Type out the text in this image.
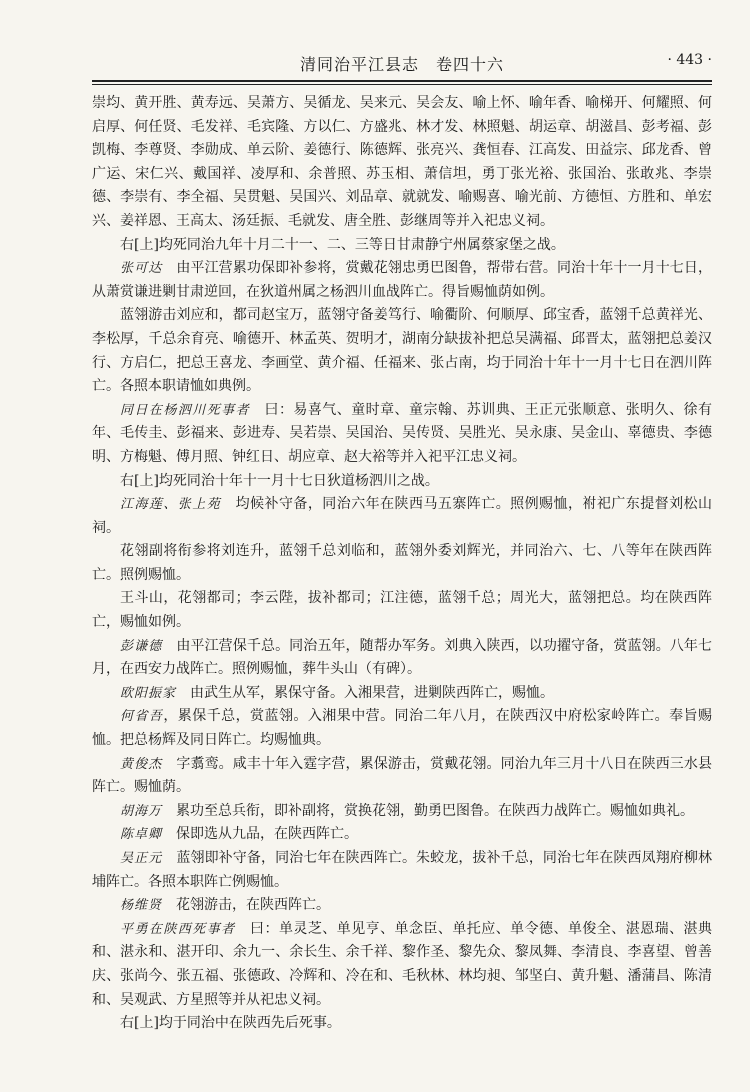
清同治平江县志　卷四十六	· 443 ·

崇均、黄开胜、黄寿远、吴萧方、吴循龙、吴来元、吴会友、喻上怀、喻年香、喻梯开、何耀照、何启厚、何任贤、毛发祥、毛宾隆、方以仁、方盛兆、林才发、林照魁、胡运章、胡滋昌、彭考福、彭凯梅、李尊贤、李勋成、单云阶、姜德行、陈德辉、张亮兴、龚恒春、江高发、田益宗、邱龙香、曾广运、宋仁兴、戴国祥、凌厚和、余普照、苏玉相、萧信坦，勇丁张光裕、张国治、张敢兆、李崇德、李崇有、李全福、吴贯魁、吴国兴、刘品章、就就发、喻赐喜、喻光前、方德恒、方胜和、单宏兴、姜祥恩、王高太、汤廷振、毛就发、唐全胜、彭继周等并入祀忠义祠。

右[上]均死同治九年十月二十一、二、三等日甘肃静宁州属蔡家堡之战。

张可达　由平江营累功保即补参将，赏戴花翎忠勇巴图鲁，帮带右营。同治十年十一月十七日，从萧赏谦进剿甘肃逆回，在狄道州属之杨泗川血战阵亡。得旨赐恤荫如例。

蓝翎游击刘应和，都司赵宝万，蓝翎守备姜笃行、喻衢阶、何顺厚、邱宝香，蓝翎千总黄祥光、李松厚，千总余育亮、喻德开、林孟英、贺明才，湖南分缺拔补把总吴满福、邱晋太，蓝翎把总姜汉行、方启仁，把总王喜龙、李画堂、黄介福、任福来、张占南，均于同治十年十一月十七日在泗川阵亡。各照本职请恤如典例。

同日在杨泗川死事者　曰：易喜气、童时章、童宗翰、苏训典、王正元张顺意、张明久、徐有年、毛传圭、彭福来、彭进寿、吴若崇、吴国治、吴传贤、吴胜光、吴永康、吴金山、辜德贵、李德明、方梅魁、傅月照、钟红日、胡应章、赵大裕等并入祀平江忠义祠。

右[上]均死同治十年十一月十七日狄道杨泗川之战。

江海莲、张上苑　均候补守备，同治六年在陕西马五寨阵亡。照例赐恤，祔祀广东提督刘松山祠。

花翎副将衔参将刘连升，蓝翎千总刘临和，蓝翎外委刘辉光，并同治六、七、八等年在陕西阵亡。照例赐恤。

王斗山，花翎都司；李云陛，拔补都司；江注德，蓝翎千总；周光大，蓝翎把总。均在陕西阵亡，赐恤如例。

彭谦德　由平江营保千总。同治五年，随帮办军务。刘典入陕西，以功擢守备，赏蓝翎。八年七月，在西安力战阵亡。照例赐恤，葬牛头山（有碑）。

欧阳振家　由武生从军，累保守备。入湘果营，进剿陕西阵亡，赐恤。

何省吾，累保千总，赏蓝翎。入湘果中营。同治二年八月，在陕西汉中府松家岭阵亡。奉旨赐恤。把总杨辉及同日阵亡。均赐恤典。

黄俊杰　字翥鸾。咸丰十年入霆字营，累保游击，赏戴花翎。同治九年三月十八日在陕西三水县阵亡。赐恤荫。

胡海万　累功至总兵衔，即补副将，赏换花翎，勤勇巴图鲁。在陕西力战阵亡。赐恤如典礼。

陈卓卿　保即选从九品，在陕西阵亡。

吴正元　蓝翎即补守备，同治七年在陕西阵亡。朱蛟龙，拔补千总，同治七年在陕西凤翔府柳林埔阵亡。各照本职阵亡例赐恤。

杨维贤　花翎游击，在陕西阵亡。

平勇在陕西死事者　曰：单灵芝、单见亨、单念臣、单托应、单令德、单俊全、湛恩瑞、湛典和、湛永和、湛开印、余九一、余长生、余千祥、黎作圣、黎先众、黎凤舞、李清良、李喜望、曾善庆、张尚今、张五福、张德政、冷辉和、冷在和、毛秋林、林均昶、邹坚白、黄升魁、潘蒲昌、陈清和、吴观武、方星照等并从祀忠义祠。

右[上]均于同治中在陕西先后死事。
